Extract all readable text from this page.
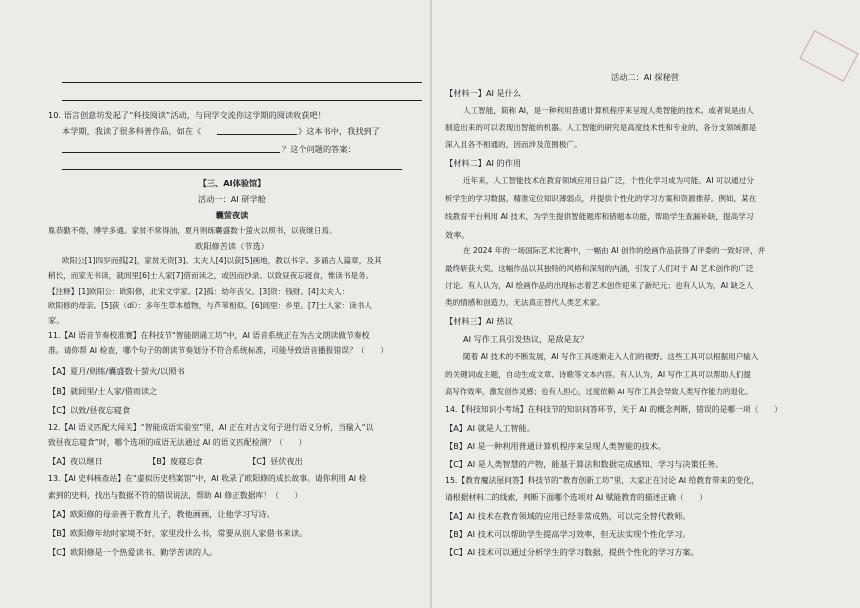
10. 语言创意坊发起了“科技阅读”活动，与同学交流你这学期的阅读收获吧！
本学期，我读了很多科普作品，如在《	》这本书中，我找到了
？这个问题的答案：
【三、AI体验馆】
活动一：AI 研学舱
囊萤夜读
胤恭勤不倦，博学多通。家贫不常得油，夏月则练囊盛数十萤火以照书，以夜继日焉。
欧阳修苦读（节选）
欧阳公[1]四岁而孤[2]，家贫无资[3]。太夫人[4]以荻[5]画地，教以书字。多诵古人篇章，及其
稍长，而家无书读，就闾里[6]士人家[7]借而读之，或因而抄录。以致昼夜忘寝食，惟读书是务。
【注释】[1]欧阳公：欧阳修，北宋文学家。[2]孤：幼年丧父。[3]资：钱财。[4]太夫人：
欧阳修的母亲。[5]荻（dí）：多年生草本植物，与芦苇相似。[6]闾里：乡里。[7]士人家：读书人
家。
11.【AI 语音节奏校准赛】在科技节“智能朗诵工坊”中，AI 语音系统正在为古文朗读做节奏校
准。请你帮 AI 检查，哪个句子的朗读节奏划分不符合系统标准，可能导致语音播报错误？（　　）
【A】夏月/则练/囊盛数十萤火/以照书
【B】就闾里/士人家/借而读之
【C】以致/昼夜忘寝食
12.【AI 语义匹配大闯关】“智能成语实验室”里，AI 正在对古文句子进行语义分析，当输入“以
致昼夜忘寝食”时，哪个选项的成语无法通过 AI 的语义匹配检测？（　　）
【A】夜以继日	【B】废寝忘食	【C】昼伏夜出
13.【AI 史料核查站】在“虚拟历史档案馆”中，AI 收录了欧阳修的成长故事。请你利用 AI 检
索到的史料，找出与数据不符的错误说法，帮助 AI 修正数据库！（　　）
【A】欧阳修的母亲善于教育儿子，教他画画，让他学习写诗。
【B】欧阳修年幼时家境不好，家里没什么书，常要从别人家借书来读。
【C】欧阳修是一个热爱读书、勤学苦读的人。
活动二：AI 探秘营
【材料一】AI 是什么
人工智能，简称 AI，是一种利用普通计算机程序来呈现人类智能的技术。或者说是由人
制造出来的可以表现出智能的机器。人工智能的研究是高度技术性和专业的，各分支领域都是
深入且各不相通的，因而涉及范围极广。
【材料二】AI 的作用
近年来，人工智能技术在教育领域应用日益广泛，个性化学习成为可能。AI 可以通过分
析学生的学习数据，精准定位知识薄弱点，并提供个性化的学习方案和资源推荐。例如，某在
线教育平台利用 AI 技术，为学生提供智能题库和错题本功能，帮助学生查漏补缺，提高学习
效率。
在 2024 年的一场国际艺术比赛中，一幅由 AI 创作的绘画作品获得了评委的一致好评，并
最终斩获大奖。这幅作品以其独特的风格和深刻的内涵，引发了人们对于 AI 艺术创作的广泛
讨论。有人认为，AI 绘画作品的出现标志着艺术创作迎来了新纪元；也有人认为，AI 缺乏人
类的情感和创造力，无法真正替代人类艺术家。
【材料三】AI 热议
AI 写作工具引发热议，是敌是友？
随着 AI 技术的不断发展，AI 写作工具逐渐走入人们的视野。这些工具可以根据用户输入
的关键词或主题，自动生成文章、诗歌等文本内容。有人认为，AI 写作工具可以帮助人们提
高写作效率，激发创作灵感；也有人担心，过度依赖 AI 写作工具会导致人类写作能力的退化。
14.【科技知识小考场】在科技节的知识问答环节，关于 AI 的概念判断，错误的是哪一项（　　）
【A】AI 就是人工智能。
【B】AI 是一种利用普通计算机程序来呈现人类智能的技术。
【C】AI 是人类智慧的产物，能基于算法和数据完成感知、学习与决策任务。
15.【教育魔法屋问答】科技节的“教育创新工坊”里，大家正在讨论 AI 给教育带来的变化，
请根据材料二的线索，判断下面哪个选项对 AI 赋能教育的描述正确（　　）
【A】AI 技术在教育领域的应用已经非常成熟，可以完全替代教师。
【B】AI 技术可以帮助学生提高学习效率，但无法实现个性化学习。
【C】AI 技术可以通过分析学生的学习数据，提供个性化的学习方案。
